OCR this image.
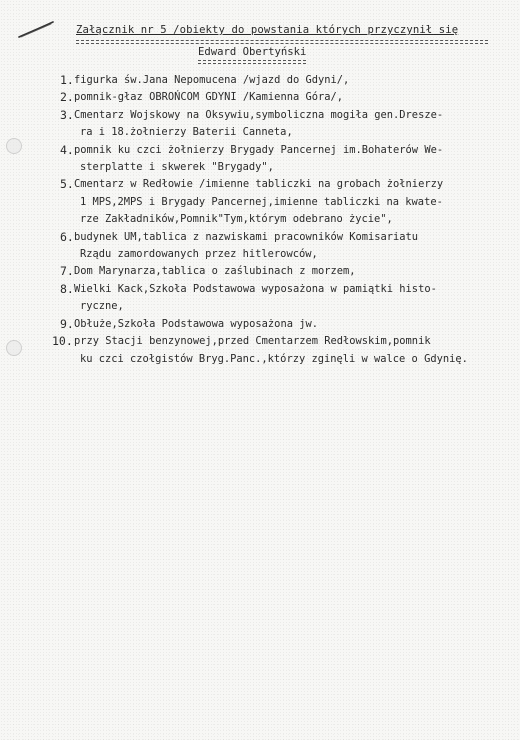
Załącznik nr 5 /obiekty do powstania których przyczynił się
Edward Obertyński
1. figurka św.Jana Nepomucena /wjazd do Gdyni/,
2. pomnik-głaz OBROŃCOM GDYNI /Kamienna Góra/,
3. Cmentarz Wojskowy na Oksywiu,symboliczna mogiła gen.Dresze-
ra i 18.żołnierzy Baterii Canneta,
4. pomnik ku czci żołnierzy Brygady Pancernej im.Bohaterów We-
sterplatte i skwerek "Brygady",
5. Cmentarz w Redłowie /imienne tabliczki na grobach żołnierzy
1 MPS,2MPS i Brygady Pancernej,imienne tabliczki na kwate-
rze Zakładników,Pomnik"Tym,którym odebrano życie",
6. budynek UM,tablica z nazwiskami pracowników Komisariatu
Rządu zamordowanych przez hitlerowców,
7. Dom Marynarza,tablica o zaślubinach z morzem,
8. Wielki Kack,Szkoła Podstawowa wyposażona w pamiątki histo-
ryczne,
9. Obłuże,Szkoła Podstawowa wyposażona jw.
10. przy Stacji benzynowej,przed Cmentarzem Redłowskim,pomnik
ku czci czołgistów Bryg.Panc.,którzy zginęli w walce o Gdynię.
